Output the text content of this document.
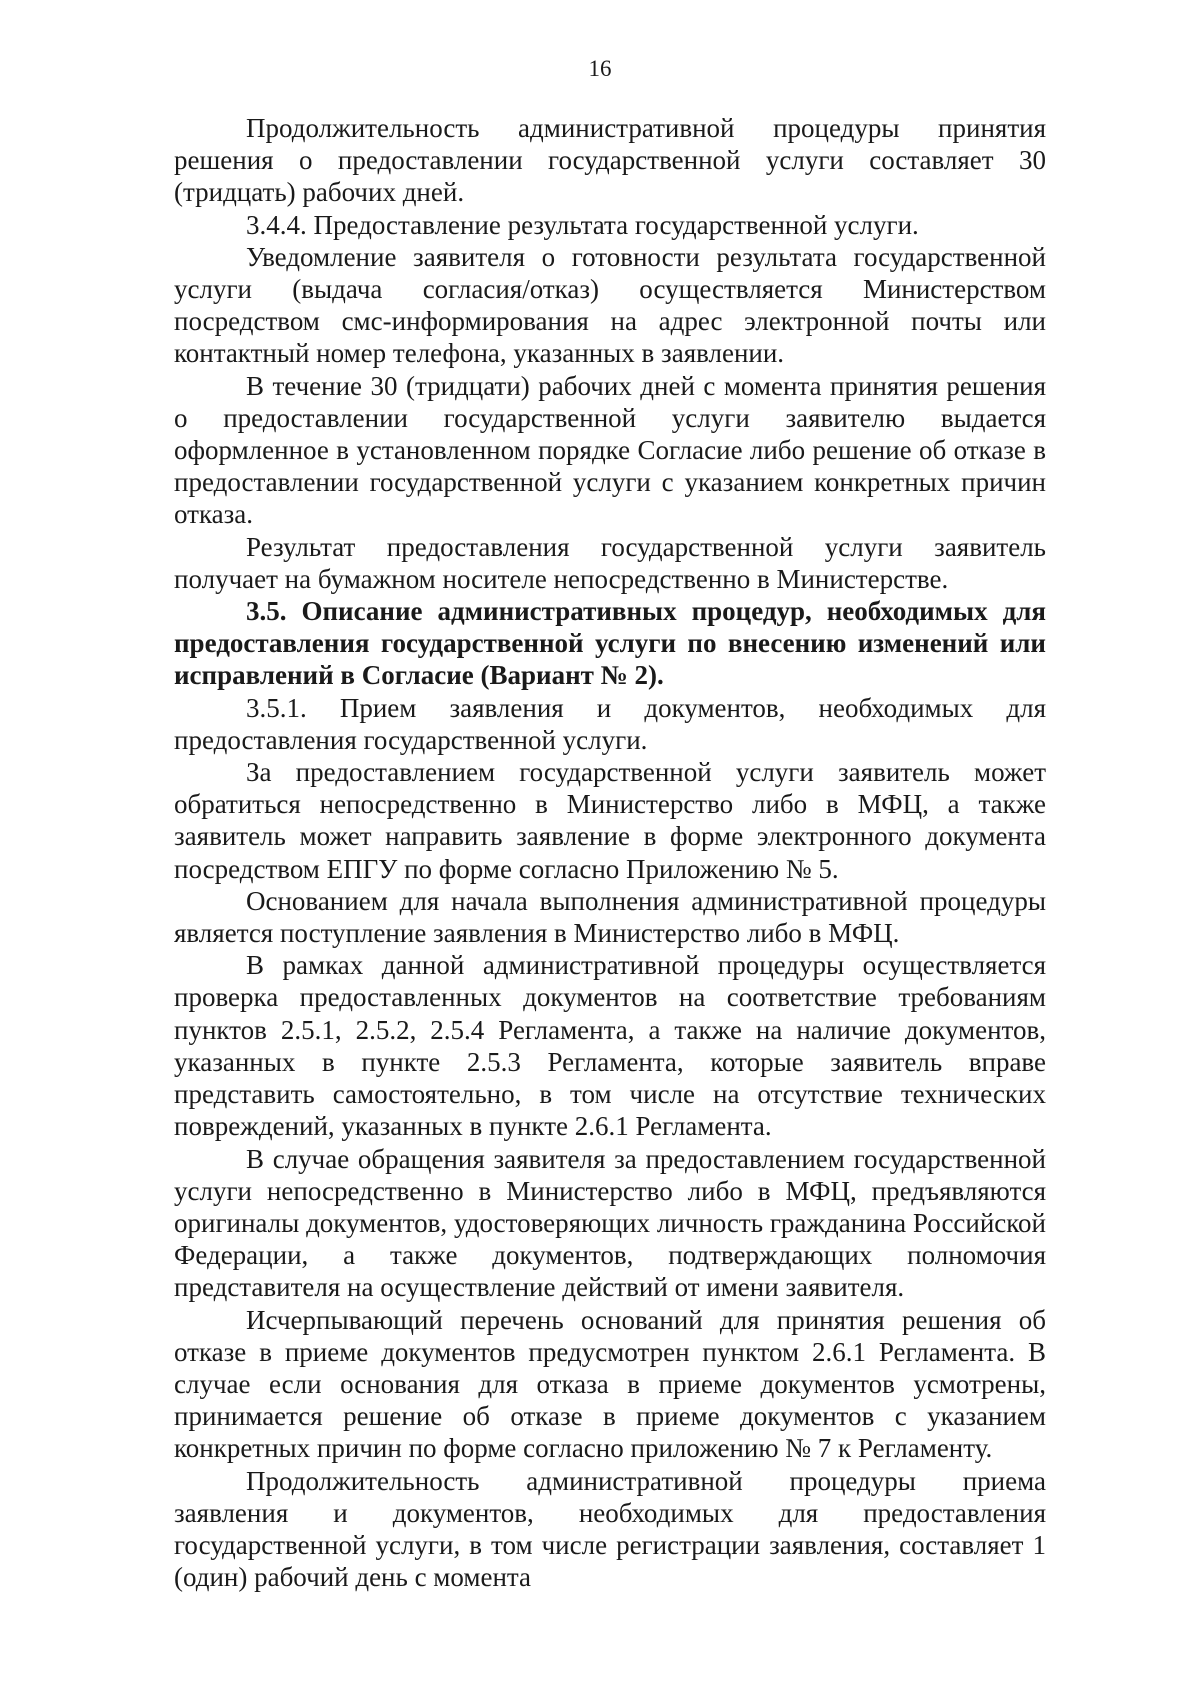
16

Продолжительность административной процедуры принятия решения о предоставлении государственной услуги составляет 30 (тридцать) рабочих дней.

3.4.4. Предоставление результата государственной услуги.

Уведомление заявителя о готовности результата государственной услуги (выдача согласия/отказ) осуществляется Министерством посредством смс-информирования на адрес электронной почты или контактный номер телефона, указанных в заявлении.

В течение 30 (тридцати) рабочих дней с момента принятия решения о предоставлении государственной услуги заявителю выдается оформленное в установленном порядке Согласие либо решение об отказе в предоставлении государственной услуги с указанием конкретных причин отказа.

Результат предоставления государственной услуги заявитель получает на бумажном носителе непосредственно в Министерстве.

3.5. Описание административных процедур, необходимых для предоставления государственной услуги по внесению изменений или исправлений в Согласие (Вариант № 2).

3.5.1. Прием заявления и документов, необходимых для предоставления государственной услуги.

За предоставлением государственной услуги заявитель может обратиться непосредственно в Министерство либо в МФЦ, а также заявитель может направить заявление в форме электронного документа посредством ЕПГУ по форме согласно Приложению № 5.

Основанием для начала выполнения административной процедуры является поступление заявления в Министерство либо в МФЦ.

В рамках данной административной процедуры осуществляется проверка предоставленных документов на соответствие требованиям пунктов 2.5.1, 2.5.2, 2.5.4 Регламента, а также на наличие документов, указанных в пункте 2.5.3 Регламента, которые заявитель вправе представить самостоятельно, в том числе на отсутствие технических повреждений, указанных в пункте 2.6.1 Регламента.

В случае обращения заявителя за предоставлением государственной услуги непосредственно в Министерство либо в МФЦ, предъявляются оригиналы документов, удостоверяющих личность гражданина Российской Федерации, а также документов, подтверждающих полномочия представителя на осуществление действий от имени заявителя.

Исчерпывающий перечень оснований для принятия решения об отказе в приеме документов предусмотрен пунктом 2.6.1 Регламента. В случае если основания для отказа в приеме документов усмотрены, принимается решение об отказе в приеме документов с указанием конкретных причин по форме согласно приложению № 7 к Регламенту.

Продолжительность административной процедуры приема заявления и документов, необходимых для предоставления государственной услуги, в том числе регистрации заявления, составляет 1 (один) рабочий день с момента
